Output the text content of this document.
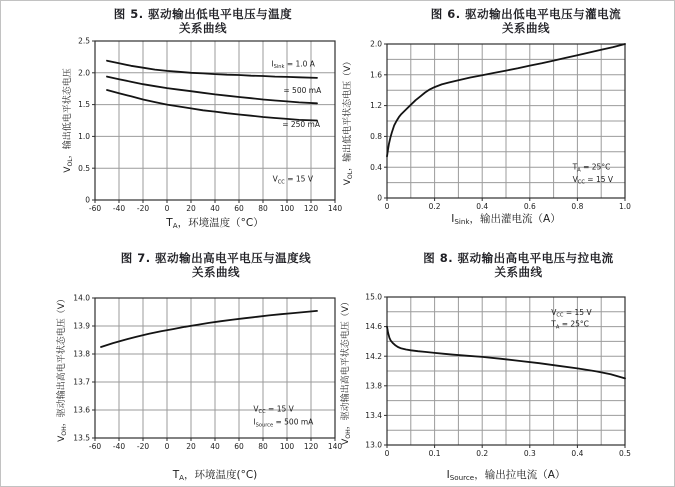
图 5. 驱动输出低电平电压与温度
关系曲线
图 6. 驱动输出低电平电压与灌电流
关系曲线
图 7. 驱动输出高电平电压与温度线
关系曲线
图 8. 驱动输出高电平电压与拉电流
关系曲线
-60 -40 -20 0 20 40 60 80 100 120 140
0
0.5
1.0
1.5
2.0
2.5
TA，环境温度（°C）
$V_{OL}$，输出低电平状态电压
$I_{Sink} = 1.0$ A
= 500 mA
= 250 mA
$V_{CC} = 15$ V
0	0.2	0.4	0.6	0.8	1.0
0
0.4
0.8
1.2
1.6
2.0
ISink，输出灌电流（A）
$V_{OL}$，输出低电平状态电压（V）	$T_A = 25^\circ C$
$V_{CC} = 15$ V
-60 -40 -20 0 20 40 60 80 100 120 140
13.5
13.6
13.7
13.8
13.9
14.0
TA，环境温度(°C)
$V_{OH}$，驱动输出高电平状态电压（V）	$V_{CC} = 15$ V
$I_{Source} = 500$ mA
0	0.1	0.2	0.3	0.4	0.5
13.0
13.4
13.8
14.2
14.6
15.0
ISource，输出拉电流（A）
$V_{OH}$，驱动输出高电平状态电压（V）	$V_{CC} = 15$ V
$T_A = 25^\circ C$
